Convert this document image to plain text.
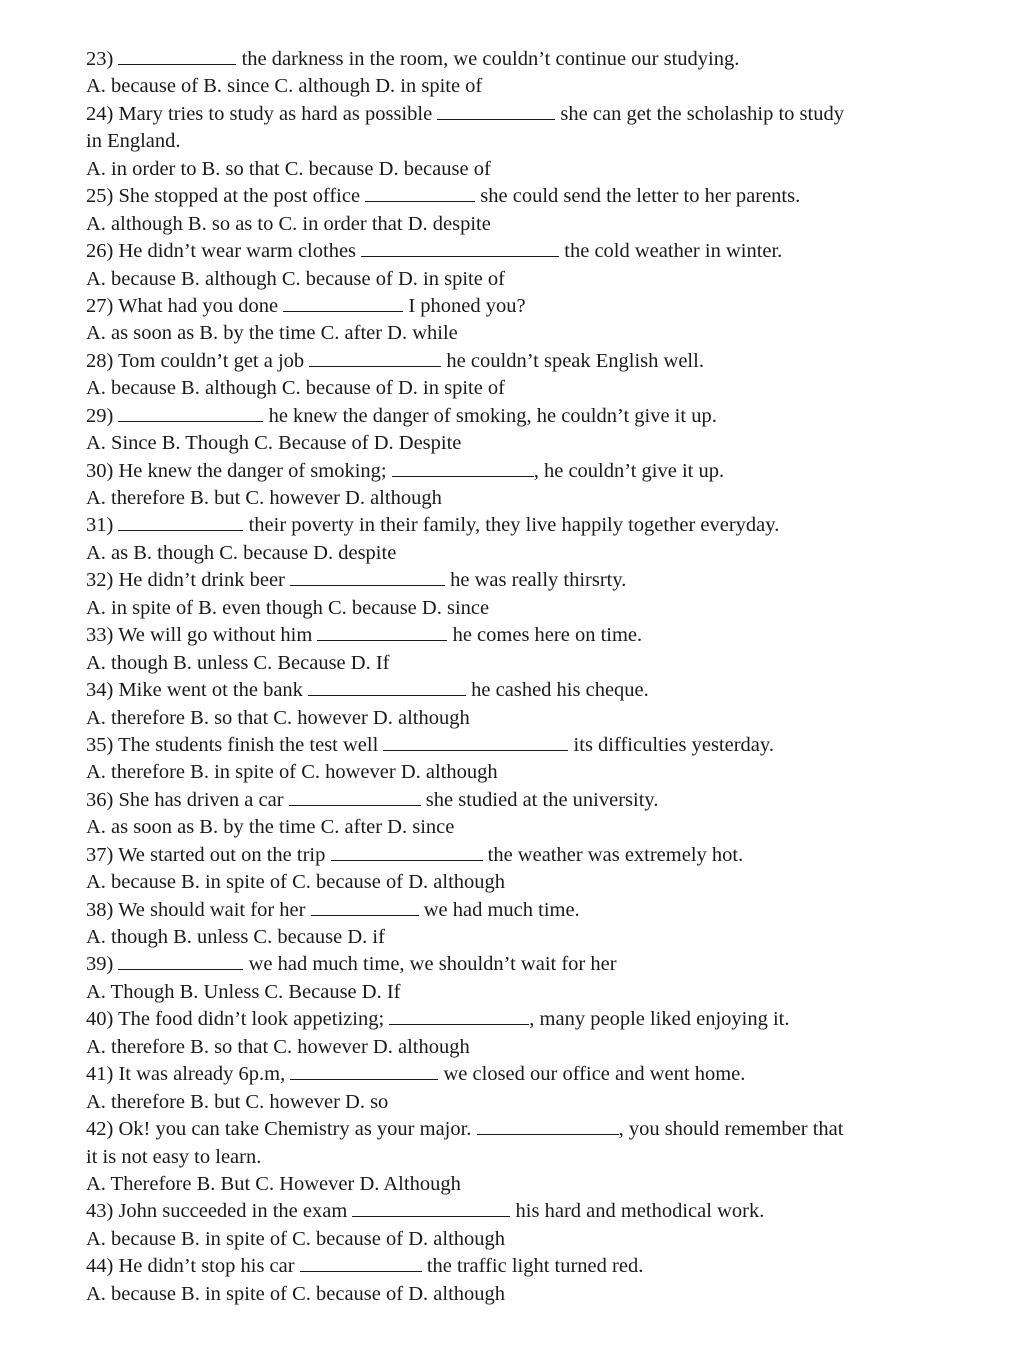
23)	the darkness in the room, we couldn’t continue our studying.
A. because of B. since C. although D. in spite of
24) Mary tries to study as hard as possible	she can get the scholaship to study
in England.
A. in order to B. so that C. because D. because of
25) She stopped at the post office	she could send the letter to her parents.
A. although B. so as to C. in order that D. despite
26) He didn’t wear warm clothes	the cold weather in winter.
A. because B. although C. because of D. in spite of
27) What had you done	I phoned you?
A. as soon as B. by the time C. after D. while
28) Tom couldn’t get a job	he couldn’t speak English well.
A. because B. although C. because of D. in spite of
29)	he knew the danger of smoking, he couldn’t give it up.
A. Since B. Though C. Because of D. Despite
30) He knew the danger of smoking;	, he couldn’t give it up.
A. therefore B. but C. however D. although
31)	their poverty in their family, they live happily together everyday.
A. as B. though C. because D. despite
32) He didn’t drink beer	he was really thirsrty.
A. in spite of B. even though C. because D. since
33) We will go without him	he comes here on time.
A. though B. unless C. Because D. If
34) Mike went ot the bank	he cashed his cheque.
A. therefore B. so that C. however D. although
35) The students finish the test well	its difficulties yesterday.
A. therefore B. in spite of C. however D. although
36) She has driven a car	she studied at the university.
A. as soon as B. by the time C. after D. since
37) We started out on the trip	the weather was extremely hot.
A. because B. in spite of C. because of D. although
38) We should wait for her	we had much time.
A. though B. unless C. because D. if
39)	we had much time, we shouldn’t wait for her
A. Though B. Unless C. Because D. If
40) The food didn’t look appetizing;	, many people liked enjoying it.
A. therefore B. so that C. however D. although
41) It was already 6p.m,	we closed our office and went home.
A. therefore B. but C. however D. so
42) Ok! you can take Chemistry as your major.	, you should remember that
it is not easy to learn.
A. Therefore B. But C. However D. Although
43) John succeeded in the exam	his hard and methodical work.
A. because B. in spite of C. because of D. although
44) He didn’t stop his car	the traffic light turned red.
A. because B. in spite of C. because of D. although
